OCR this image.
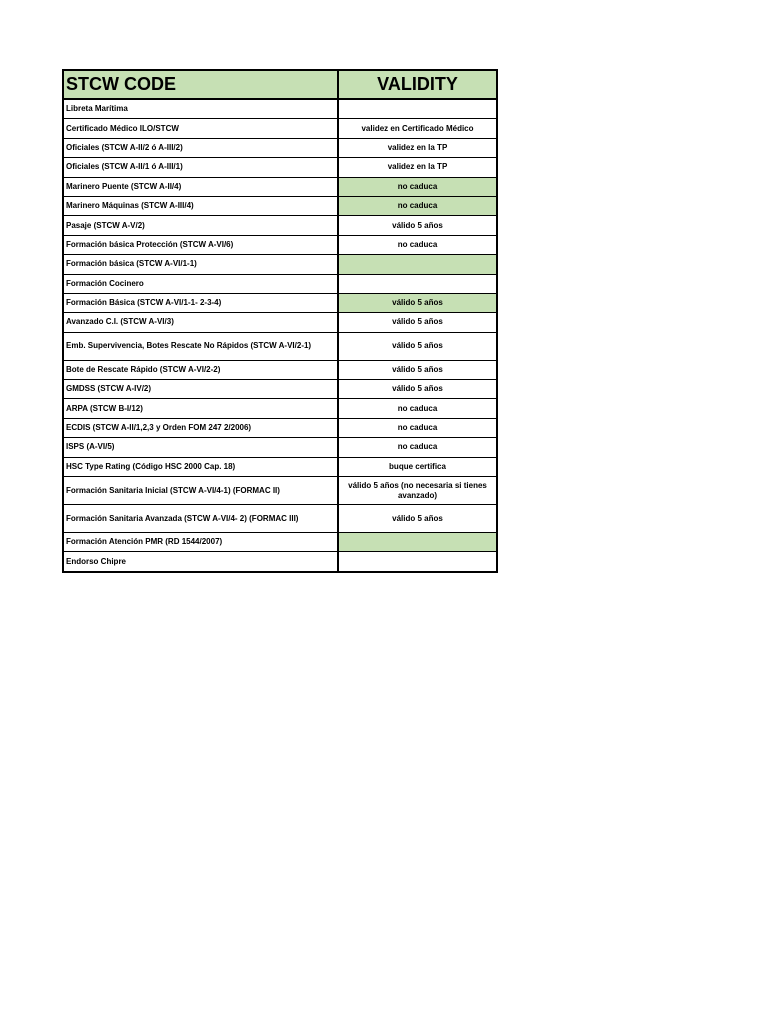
STCW CODE	VALIDITY
Libreta Marítima	
Certificado Médico ILO/STCW	validez en Certificado Médico
Oficiales (STCW A-II/2 ó A-III/2)	validez en la TP
Oficiales (STCW A-II/1 ó A-III/1)	validez en la TP
Marinero Puente (STCW A-II/4)	no caduca
Marinero Máquinas (STCW A-III/4)	no caduca
Pasaje (STCW A-V/2)	válido 5 años
Formación básica Protección (STCW A-VI/6)	no caduca
Formación básica (STCW A-VI/1-1)	
Formación Cocinero	
Formación Básica (STCW A-VI/1-1- 2-3-4)	válido 5 años
Avanzado C.I. (STCW A-VI/3)	válido 5 años
Emb. Supervivencia, Botes Rescate No Rápidos (STCW A-VI/2-1)	válido 5 años
Bote de Rescate Rápido (STCW A-VI/2-2)	válido 5 años
GMDSS (STCW A-IV/2)	válido 5 años
ARPA (STCW B-I/12)	no caduca
ECDIS (STCW A-II/1,2,3 y Orden FOM 247 2/2006)	no caduca
ISPS (A-VI/5)	no caduca
HSC Type Rating (Código HSC 2000 Cap. 18)	buque certifica
Formación Sanitaria Inicial (STCW A-VI/4-1) (FORMAC II)	válido 5 años (no necesaria si tienes avanzado)
Formación Sanitaria Avanzada (STCW A-VI/4- 2) (FORMAC III)	válido 5 años
Formación Atención PMR (RD 1544/2007)	
Endorso Chipre	
